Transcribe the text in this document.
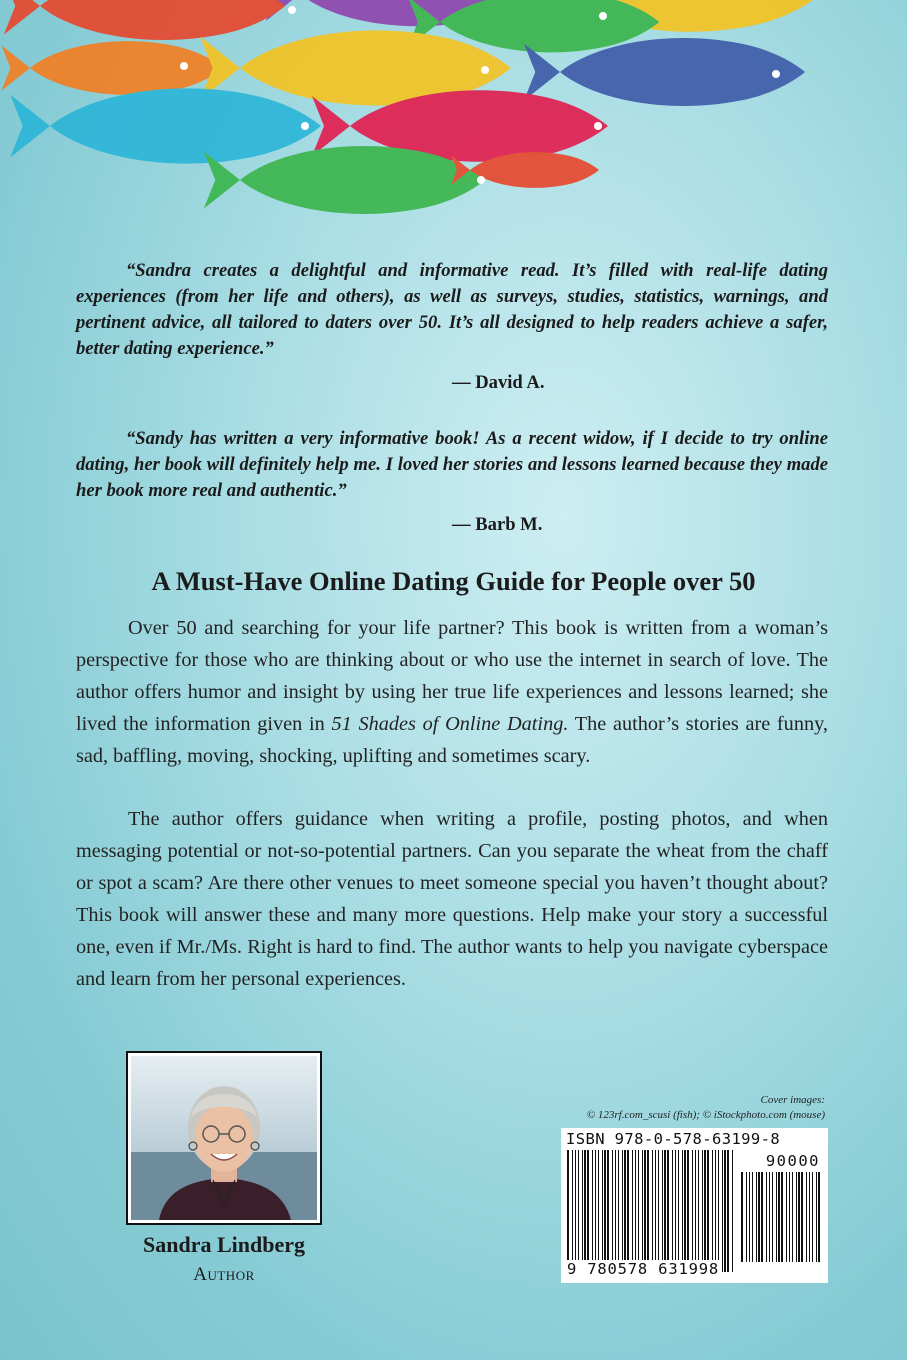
“Sandra creates a delightful and informative read. It’s filled with real-life dating experiences (from her life and others), as well as surveys, studies, statistics, warnings, and pertinent advice, all tailored to daters over 50. It’s all designed to help readers achieve a safer, better dating experience.”

— David A.

“Sandy has written a very informative book! As a recent widow, if I decide to try online dating, her book will definitely help me. I loved her stories and lessons learned because they made her book more real and authentic.”

— Barb M.
A Must-Have Online Dating Guide for People over 50

Over 50 and searching for your life partner? This book is written from a woman’s perspective for those who are thinking about or who use the internet in search of love. The author offers humor and insight by using her true life experiences and lessons learned; she lived the information given in 51 Shades of Online Dating. The author’s stories are funny, sad, baffling, moving, shocking, uplifting and sometimes scary.

The author offers guidance when writing a profile, posting photos, and when messaging potential or not-so-potential partners. Can you separate the wheat from the chaff or spot a scam? Are there other venues to meet someone special you haven’t thought about? This book will answer these and many more questions. Help make your story a successful one, even if Mr./Ms. Right is hard to find. The author wants to help you navigate cyberspace and learn from her personal experiences.

Sandra Lindberg
Author
Cover images:
© 123rf.com_scusi (fish); © iStockphoto.com (mouse)
ISBN 978-0-578-63199-8
90000
9 780578 631998
